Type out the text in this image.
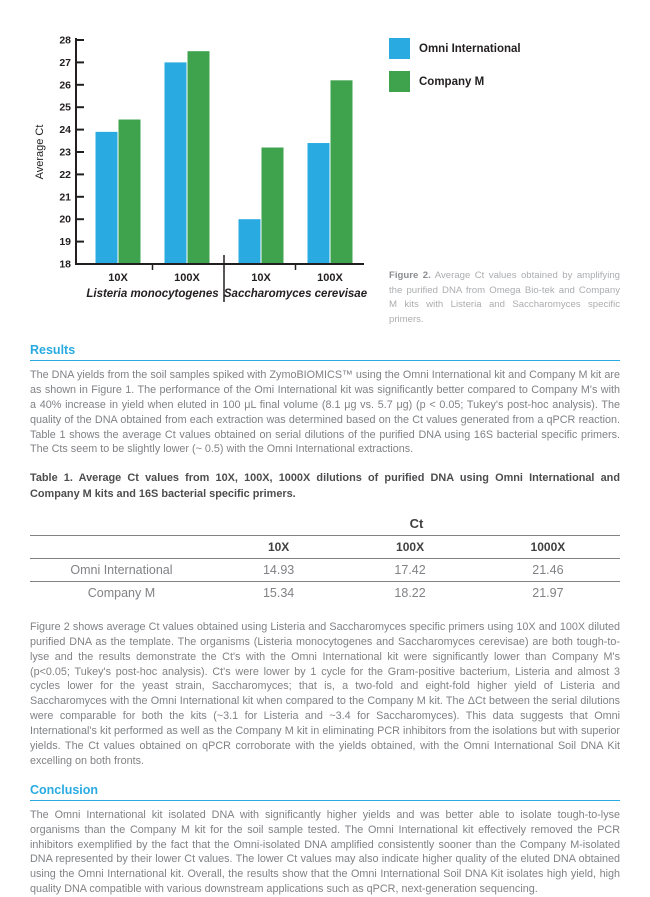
18
19
20
21
22
23
24
25
26
27
28
10X	100X	10X	100X
Listeria monocytogenes Saccharomyces cerevisae
Average Ct
Omni International
Company M

Figure 2. Average Ct values obtained by amplifying the purified DNA from Omega Bio-tek and Company M kits with Listeria and Saccharomyces specific primers.

Results

The DNA yields from the soil samples spiked with ZymoBIOMICS™ using the Omni International kit and Company M kit are as shown in Figure 1. The performance of the Omi International kit was significantly better compared to Company M's with a 40% increase in yield when eluted in 100 μL final volume (8.1 μg vs. 5.7 μg) (p < 0.05; Tukey's post-hoc analysis). The quality of the DNA obtained from each extraction was determined based on the Ct values generated from a qPCR reaction. Table 1 shows the average Ct values obtained on serial dilutions of the purified DNA using 16S bacterial specific primers. The Cts seem to be slightly lower (~ 0.5) with the Omni International extractions.

Table 1. Average Ct values from 10X, 100X, 1000X dilutions of purified DNA using Omni International and Company M kits and 16S bacterial specific primers.

	Ct		
	10X	100X	1000X
Omni International	14.93	17.42	21.46
Company M	15.34	18.22	21.97

Figure 2 shows average Ct values obtained using Listeria and Saccharomyces specific primers using 10X and 100X diluted purified DNA as the template. The organisms (Listeria monocytogenes and Saccharomyces cerevisae) are both tough-to-lyse and the results demonstrate the Ct's with the Omni International kit were significantly lower than Company M's (p<0.05; Tukey's post-hoc analysis). Ct's were lower by 1 cycle for the Gram-positive bacterium, Listeria and almost 3 cycles lower for the yeast strain, Saccharomyces; that is, a two-fold and eight-fold higher yield of Listeria and Saccharomyces with the Omni International kit when compared to the Company M kit. The ΔCt between the serial dilutions were comparable for both the kits (~3.1 for Listeria and ~3.4 for Saccharomyces). This data suggests that Omni International's kit performed as well as the Company M kit in eliminating PCR inhibitors from the isolations but with superior yields. The Ct values obtained on qPCR corroborate with the yields obtained, with the Omni International Soil DNA Kit excelling on both fronts.

Conclusion

The Omni International kit isolated DNA with significantly higher yields and was better able to isolate tough-to-lyse organisms than the Company M kit for the soil sample tested. The Omni International kit effectively removed the PCR inhibitors exemplified by the fact that the Omni-isolated DNA amplified consistently sooner than the Company M-isolated DNA represented by their lower Ct values. The lower Ct values may also indicate higher quality of the eluted DNA obtained using the Omni International kit. Overall, the results show that the Omni International Soil DNA Kit isolates high yield, high quality DNA compatible with various downstream applications such as qPCR, next-generation sequencing.
